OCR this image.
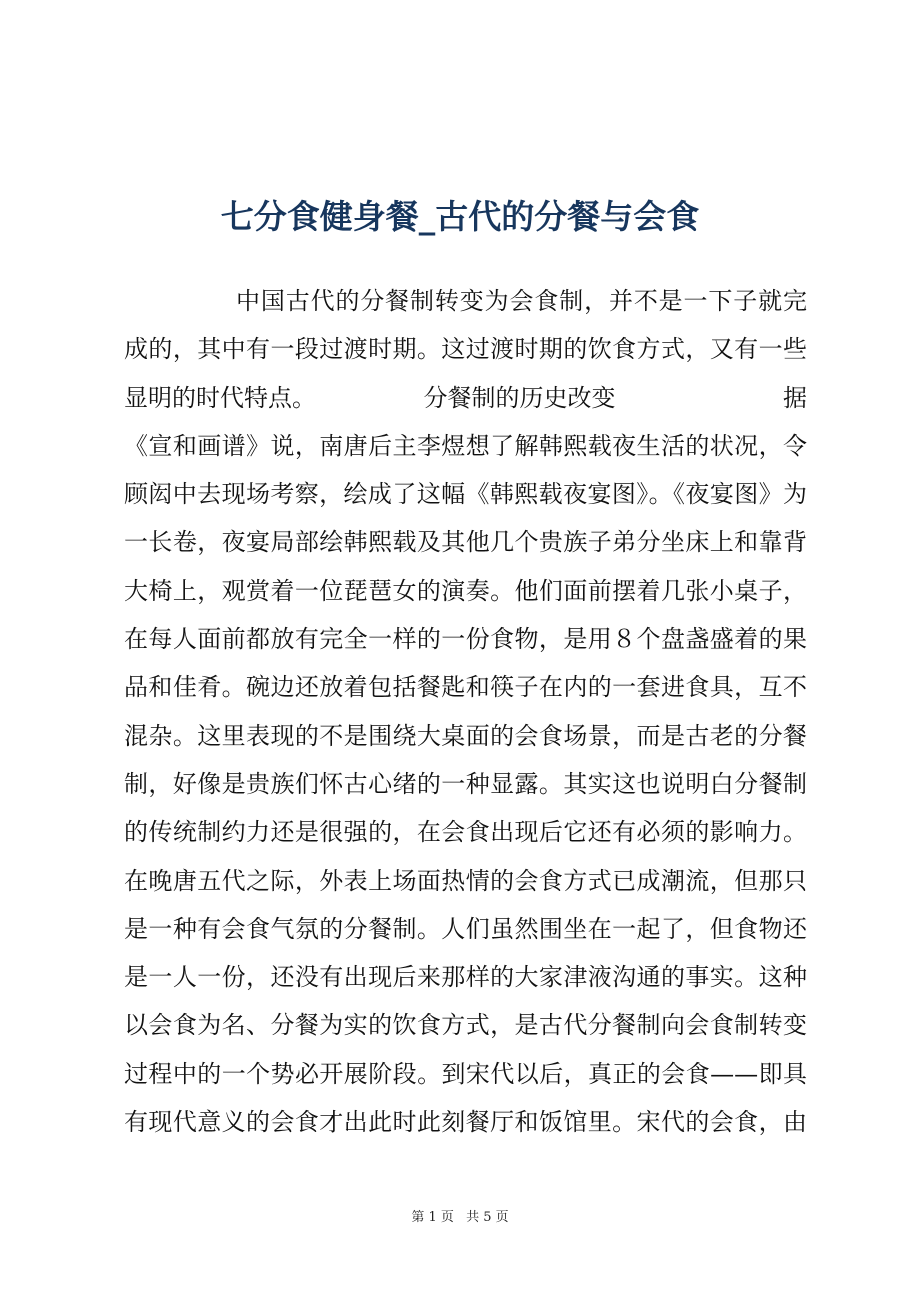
七分食健身餐_古代的分餐与会食
中国古代的分餐制转变为会食制，并不是一下子就完
成的，其中有一段过渡时期。这过渡时期的饮食方式，又有一些
显明的时代特点。	分餐制的历史改变	据
《宣和画谱》说，南唐后主李煜想了解韩熙载夜生活的状况，令
顾闳中去现场考察，绘成了这幅《韩熙载夜宴图》。《夜宴图》为
一长卷，夜宴局部绘韩熙载及其他几个贵族子弟分坐床上和靠背
大椅上，观赏着一位琵琶女的演奏。他们面前摆着几张小桌子，
在每人面前都放有完全一样的一份食物，是用８个盘盏盛着的果
品和佳肴。碗边还放着包括餐匙和筷子在内的一套进食具，互不
混杂。这里表现的不是围绕大桌面的会食场景，而是古老的分餐
制，好像是贵族们怀古心绪的一种显露。其实这也说明白分餐制
的传统制约力还是很强的，在会食出现后它还有必须的影响力。
在晚唐五代之际，外表上场面热情的会食方式已成潮流，但那只
是一种有会食气氛的分餐制。人们虽然围坐在一起了，但食物还
是一人一份，还没有出现后来那样的大家津液沟通的事实。这种
以会食为名、分餐为实的饮食方式，是古代分餐制向会食制转变
过程中的一个势必开展阶段。到宋代以后，真正的会食——即具
有现代意义的会食才出此时此刻餐厅和饭馆里。宋代的会食，由
第 1 页 共 5 页
